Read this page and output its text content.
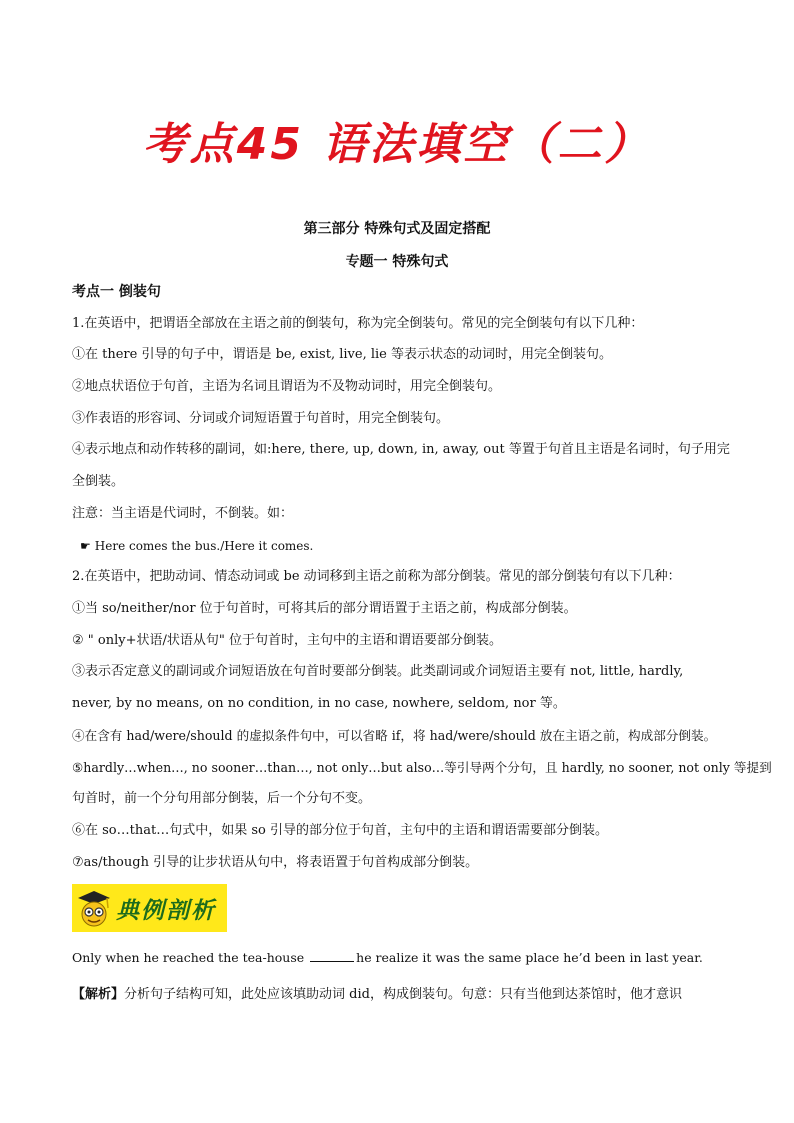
考点45 语法填空（二）
第三部分 特殊句式及固定搭配
专题一 特殊句式
考点一 倒装句
1.在英语中，把谓语全部放在主语之前的倒装句，称为完全倒装句。常见的完全倒装句有以下几种：
①在 there 引导的句子中，谓语是 be, exist, live, lie 等表示状态的动词时，用完全倒装句。
②地点状语位于句首，主语为名词且谓语为不及物动词时，用完全倒装句。
③作表语的形容词、分词或介词短语置于句首时，用完全倒装句。
④表示地点和动作转移的副词，如:here, there, up, down, in, away, out 等置于句首且主语是名词时，句子用完
全倒装。
注意：当主语是代词时，不倒装。如：
☛ Here comes the bus./Here it comes.
2.在英语中，把助动词、情态动词或 be 动词移到主语之前称为部分倒装。常见的部分倒装句有以下几种：
①当 so/neither/nor 位于句首时，可将其后的部分谓语置于主语之前，构成部分倒装。
② " only+状语/状语从句" 位于句首时，主句中的主语和谓语要部分倒装。
③表示否定意义的副词或介词短语放在句首时要部分倒装。此类副词或介词短语主要有 not, little, hardly,
never, by no means, on no condition, in no case, nowhere, seldom, nor 等。
④在含有 had/were/should 的虚拟条件句中，可以省略 if，将 had/were/should 放在主语之前，构成部分倒装。
⑤hardly…when…, no sooner…than…, not only…but also…等引导两个分句，且 hardly, no sooner, not only 等提到
句首时，前一个分句用部分倒装，后一个分句不变。
⑥在 so…that…句式中，如果 so 引导的部分位于句首，主句中的主语和谓语需要部分倒装。
⑦as/though 引导的让步状语从句中，将表语置于句首构成部分倒装。
典例剖析
Only when he reached the tea-house	he realize it was the same place he’d been in last year.
【解析】分析句子结构可知，此处应该填助动词 did，构成倒装句。句意：只有当他到达茶馆时，他才意识
